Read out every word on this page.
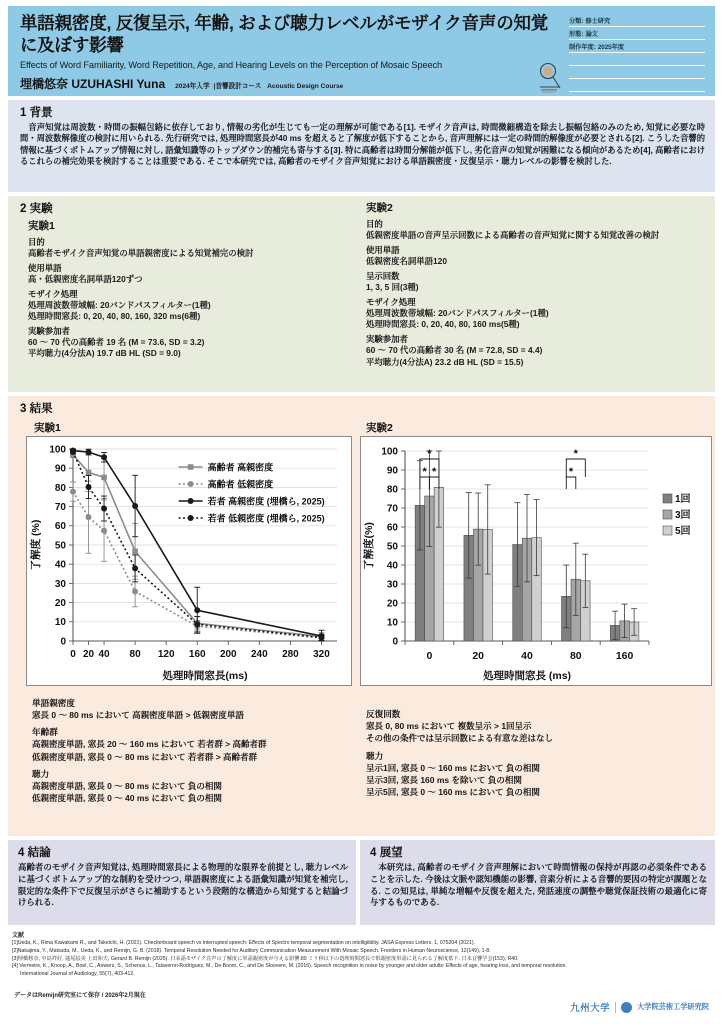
単語親密度, 反復呈示, 年齢, および聴力レベルがモザイク音声の知覚に及ぼす影響
Effects of Word Familiarity, Word Repetition, Age, and Hearing Levels on the Perception of Mosaic Speech
埋橋悠奈 UZUHASHI Yuna 2024年入学 |音響設計コース Acoustic Design Course
分類: 修士研究
形態: 論文
制作年度: 2025年度
1 背景
音声知覚は周波数・時間の振幅包絡に依存しており, 情報の劣化が生じても一定の理解が可能である[1]. モザイク音声は, 時間微細構造を除去し振幅包絡のみのため, 知覚に必要な時間・周波数解像度の検討に用いられる. 先行研究では, 処理時間窓長が40 ms を超えると了解度が低下することから, 音声理解には一定の時間的解像度が必要とされる[2]. こうした音響的情報に基づくボトムアップ情報に対し, 語彙知識等のトップダウン的補完も寄与する[3]. 特に高齢者は時間分解能が低下し, 劣化音声の知覚が困難になる傾向があるため[4], 高齢者におけるこれらの補完効果を検討することは重要である. そこで本研究では, 高齢者のモザイク音声知覚における単語親密度・反復呈示・聴力レベルの影響を検討した.
2 実験
実験1
目的
高齢者モザイク音声知覚の単語親密度による知覚補完の検討
使用単語
高・低親密度名詞単語120ずつ
モザイク処理
処理周波数帯域幅: 20バンドパスフィルター(1種)
処理時間窓長: 0, 20, 40, 80, 160, 320 ms(6種)
実験参加者
60 〜 70 代の高齢者 19 名 (M = 73.6, SD = 3.2)
平均聴力(4分法A) 19.7 dB HL (SD = 9.0)
実験2
目的
低親密度単語の音声呈示回数による高齢者の音声知覚に関する知覚改善の検討
使用単語
低親密度名詞単語120
呈示回数
1, 3, 5 回(3種)
モザイク処理
処理周波数帯域幅: 20バンドパスフィルター(1種)
処理時間窓長: 0, 20, 40, 80, 160 ms(5種)
実験参加者
60 〜 70 代の高齢者 30 名 (M = 72.8, SD = 4.4)
平均聴力(4分法A) 23.2 dB HL (SD = 15.5)
3 結果
実験1	実験2
0
10
20
30
40
50
60
70
80
90
100
0 20 40 80 120 160 200 240 280 320
処理時間窓長(ms)
了解度 (%)
高齢者 高親密度
高齢者 低親密度
若者 高親密度 (埋橋ら, 2025)
若者 低親密度 (埋橋ら, 2025)
0
10
20
30
40
50
60
70
80
90
100
0	20	40	80	160
処理時間窓長 (ms)
了解度(%)
*
* *
*
*
1回
3回
5回
単語親密度
窓長 0 〜 80 ms において 高親密度単語 > 低親密度単語
年齢群
高親密度単語, 窓長 20 〜 160 ms において 若者群 > 高齢者群
低親密度単語, 窓長 0 〜 80 ms において 若者群 > 高齢者群
聴力
高親密度単語, 窓長 0 〜 80 ms において 負の相関
低親密度単語, 窓長 0 〜 40 ms において 負の相関
反復回数
窓長 0, 80 ms において 複数呈示 > 1回呈示
その他の条件では呈示回数による有意な差はなし
聴力
呈示1回, 窓長 0 〜 160 ms において 負の相関
呈示3回, 窓長 160 ms を除いて 負の相関
呈示5回, 窓長 0 〜 160 ms において 負の相関
4 結論
高齢者のモザイク音声知覚は, 処理時間窓長による物理的な限界を前提とし, 聴力レベルに基づくボトムアップ的な制約を受けつつ, 単語親密度による語彙知識が知覚を補完し, 限定的な条件下で反復呈示がさらに補助するという段階的な構造から知覚すると結論づけられる.
4 展望
本研究は, 高齢者のモザイク音声理解において時間情報の保持が再認の必須条件であることを示した. 今後は文脈や認知機能の影響, 音素分析による音響的要因の特定が課題となる. この知見は, 単純な増幅や反復を超えた, 発話速度の調整や聴覚保証技術の最適化に寄与するものである.
文献
[1]Ueda, K., Rima Kawakami R., and Takeichi, H. (2021). Checkerboard speech vs interrupted speech: Effects of Spectro temporal segmentation on intelligibility. JASA Express Letters. 1, 075204 (2021).
[2]Nakajima, Y., Matsuda, M., Ueda, K., and Remijn, G. B. (2018). Temporal Resolution Needed for Auditory Communication Measurement With Mosaic Speech. Frontiers in Human Neuroscience, 12(149), 1-8.
[3]埋橋悠奈, 中島祥好, 蓮尾絵美 上田和夫, Gerard B. Remijn (2025). 日本語モザイク音声の了解度に単語親密度が与える影響:80 ミリ秒以下の処理時間窓長で低親密度単語に見られる了解度低下. 日本音響学会(153), R40.
[4] Vermeire, K., Knoop, A., Boel, C., Auwers, S., Schenus, L., Talaveron-Rodriguez, M., De Boom, C., and De Sloovere, M. (2016). Speech recognition in noise by younger and older adults: Effects of age, hearing loss, and temporal resolution.
International Journal of Audiology, 55(7), 403-412.
データはRemijn研究室にて保存 / 2026年2月現在
九州大学	大学院芸術工学研究院
